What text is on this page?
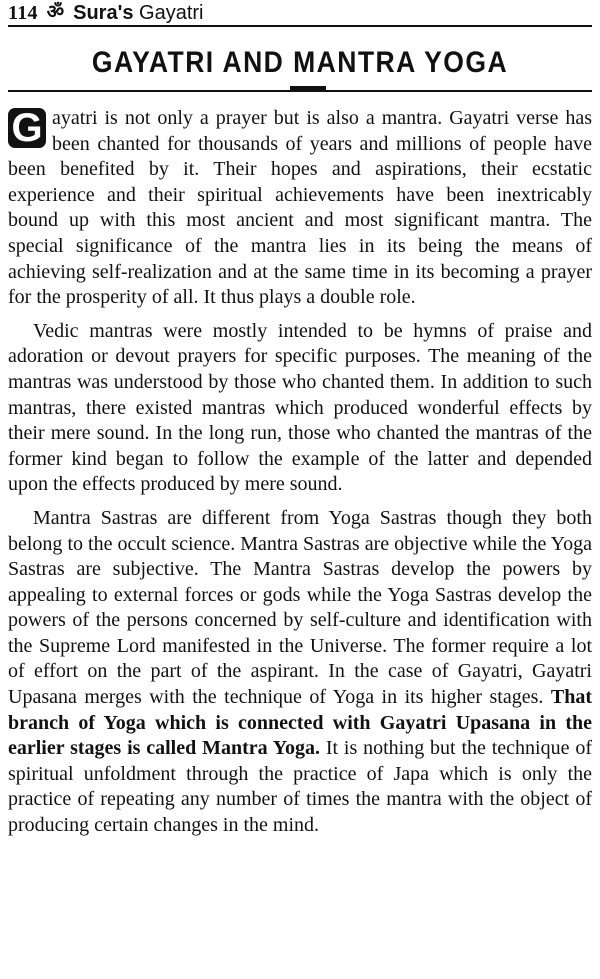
114 ॐ Sura's Gayatri
GAYATRI AND MANTRA YOGA

G ayatri is not only a prayer but is also a mantra. Gayatri verse has been chanted for thousands of years and millions of people have been benefited by it. Their hopes and aspirations, their ecstatic experience and their spiritual achievements have been inextricably bound up with this most ancient and most significant mantra. The special significance of the mantra lies in its being the means of achieving self-realization and at the same time in its becoming a prayer for the prosperity of all. It thus plays a double role.

Vedic mantras were mostly intended to be hymns of praise and adoration or devout prayers for specific purposes. The meaning of the mantras was understood by those who chanted them. In addition to such mantras, there existed mantras which produced wonderful effects by their mere sound. In the long run, those who chanted the mantras of the former kind began to follow the example of the latter and depended upon the effects produced by mere sound.

Mantra Sastras are different from Yoga Sastras though they both belong to the occult science. Mantra Sastras are objective while the Yoga Sastras are subjective. The Mantra Sastras develop the powers by appealing to external forces or gods while the Yoga Sastras develop the powers of the persons concerned by self-culture and identification with the Supreme Lord manifested in the Universe. The former require a lot of effort on the part of the aspirant. In the case of Gayatri, Gayatri Upasana merges with the technique of Yoga in its higher stages. That branch of Yoga which is connected with Gayatri Upasana in the earlier stages is called Mantra Yoga. It is nothing but the technique of spiritual unfoldment through the practice of Japa which is only the practice of repeating any number of times the mantra with the object of producing certain changes in the mind.
